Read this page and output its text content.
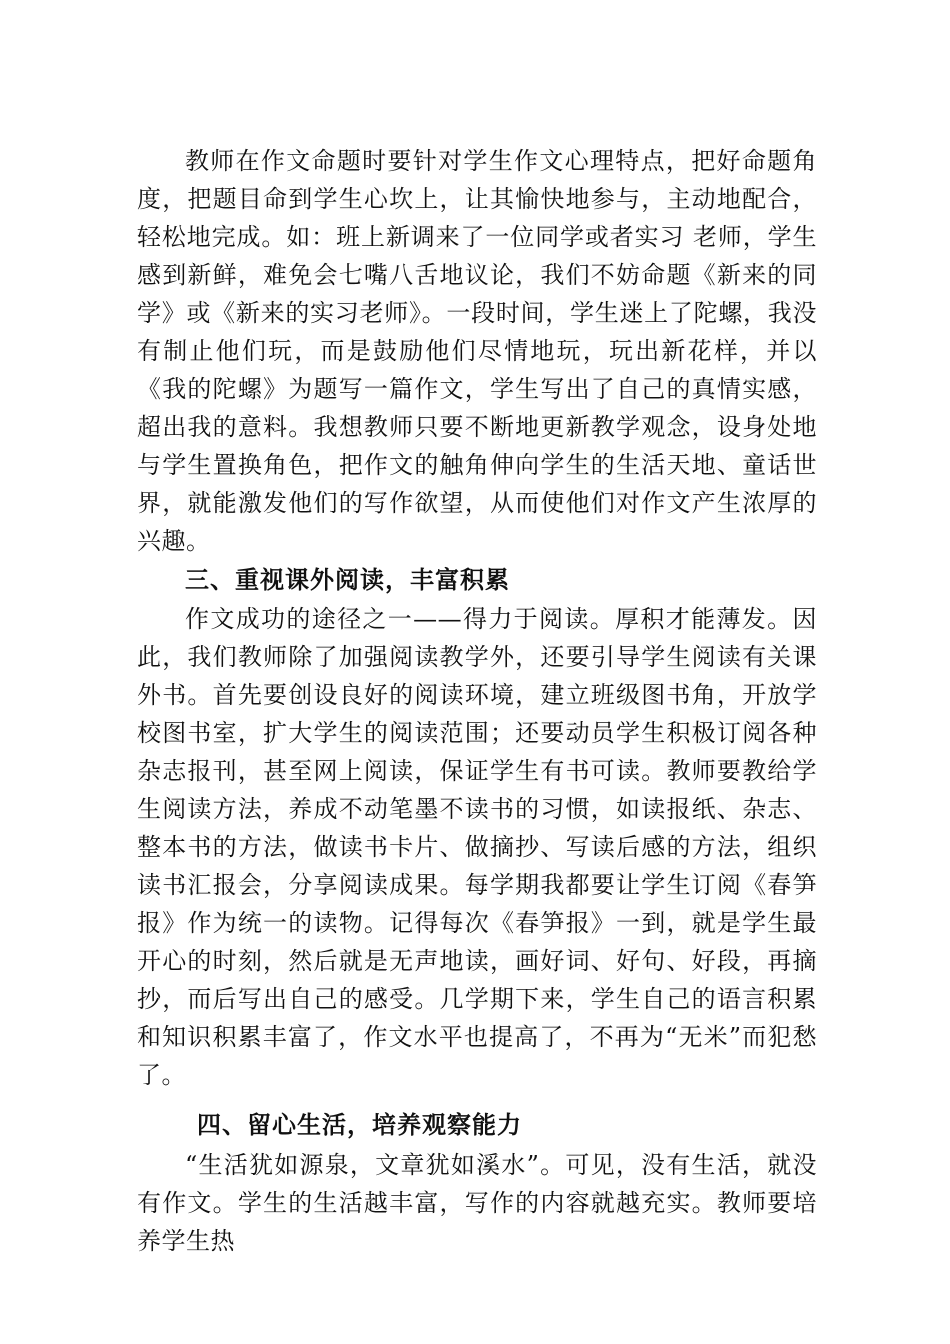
教师在作文命题时要针对学生作文心理特点，把好命题角度，把题目命到学生心坎上，让其愉快地参与，主动地配合，轻松地完成。如：班上新调来了一位同学或者实习 老师，学生感到新鲜，难免会七嘴八舌地议论，我们不妨命题《新来的同学》或《新来的实习老师》。一段时间，学生迷上了陀螺，我没有制止他们玩，而是鼓励他们尽情地玩，玩出新花样，并以《我的陀螺》为题写一篇作文，学生写出了自己的真情实感，超出我的意料。我想教师只要不断地更新教学观念，设身处地与学生置换角色，把作文的触角伸向学生的生活天地、童话世界，就能激发他们的写作欲望，从而使他们对作文产生浓厚的兴趣。

三、重视课外阅读，丰富积累

作文成功的途径之一——得力于阅读。厚积才能薄发。因此，我们教师除了加强阅读教学外，还要引导学生阅读有关课外书。首先要创设良好的阅读环境，建立班级图书角，开放学校图书室，扩大学生的阅读范围；还要动员学生积极订阅各种杂志报刊，甚至网上阅读，保证学生有书可读。教师要教给学生阅读方法，养成不动笔墨不读书的习惯，如读报纸、杂志、整本书的方法，做读书卡片、做摘抄、写读后感的方法，组织读书汇报会，分享阅读成果。每学期我都要让学生订阅《春笋报》作为统一的读物。记得每次《春笋报》一到，就是学生最开心的时刻，然后就是无声地读，画好词、好句、好段，再摘抄，而后写出自己的感受。几学期下来，学生自己的语言积累和知识积累丰富了，作文水平也提高了，不再为“无米”而犯愁了。

四、留心生活，培养观察能力

“生活犹如源泉，文章犹如溪水”。可见，没有生活，就没有作文。学生的生活越丰富，写作的内容就越充实。教师要培养学生热
